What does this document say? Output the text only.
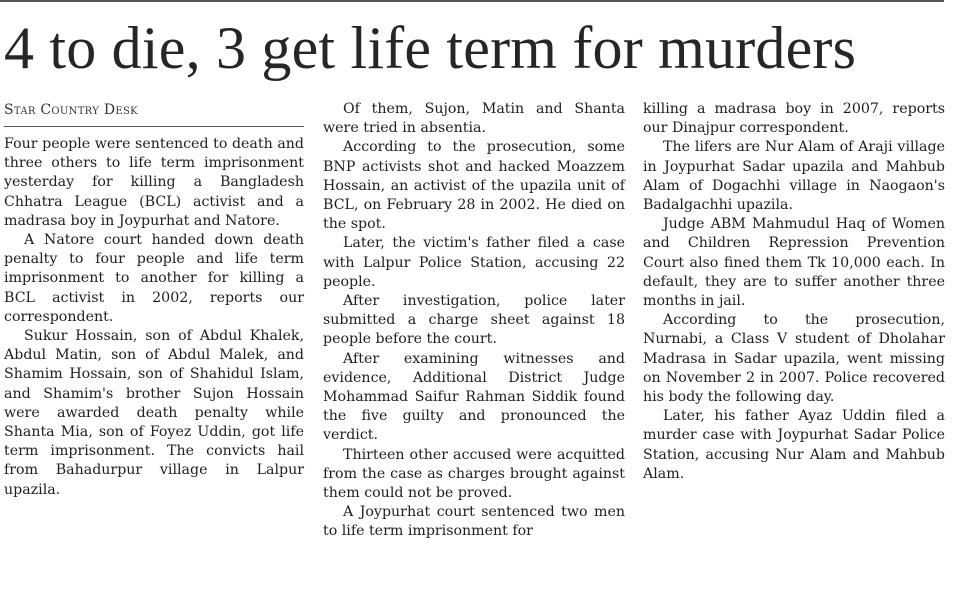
4 to die, 3 get life term for murders
Star Country Desk

Four people were sentenced to death and three others to life term imprisonment yesterday for killing a Bangladesh Chhatra League (BCL) activist and a madrasa boy in Joypurhat and Natore.

A Natore court handed down death penalty to four people and life term imprisonment to another for killing a BCL activist in 2002, reports our correspondent.

Sukur Hossain, son of Abdul Khalek, Abdul Matin, son of Abdul Malek, and Shamim Hossain, son of Shahidul Islam, and Shamim's brother Sujon Hossain were awarded death penalty while Shanta Mia, son of Foyez Uddin, got life term imprisonment. The convicts hail from Bahadurpur village in Lalpur upazila.

Of them, Sujon, Matin and Shanta were tried in absentia.

According to the prosecution, some BNP activists shot and hacked Moazzem Hossain, an activist of the upazila unit of BCL, on February 28 in 2002. He died on the spot.

Later, the victim's father filed a case with Lalpur Police Station, accusing 22 people.

After investigation, police later submitted a charge sheet against 18 people before the court.

After examining witnesses and evidence, Additional District Judge Mohammad Saifur Rahman Siddik found the five guilty and pronounced the verdict.

Thirteen other accused were acquitted from the case as charges brought against them could not be proved.

A Joypurhat court sentenced two men to life term imprisonment for

killing a madrasa boy in 2007, reports our Dinajpur correspondent.

The lifers are Nur Alam of Araji village in Joypurhat Sadar upazila and Mahbub Alam of Dogachhi village in Naogaon's Badalgachhi upazila.

Judge ABM Mahmudul Haq of Women and Children Repression Prevention Court also fined them Tk 10,000 each. In default, they are to suffer another three months in jail.

According to the prosecution, Nurnabi, a Class V student of Dholahar Madrasa in Sadar upazila, went missing on November 2 in 2007. Police recovered his body the following day.

Later, his father Ayaz Uddin filed a murder case with Joypurhat Sadar Police Station, accusing Nur Alam and Mahbub Alam.
